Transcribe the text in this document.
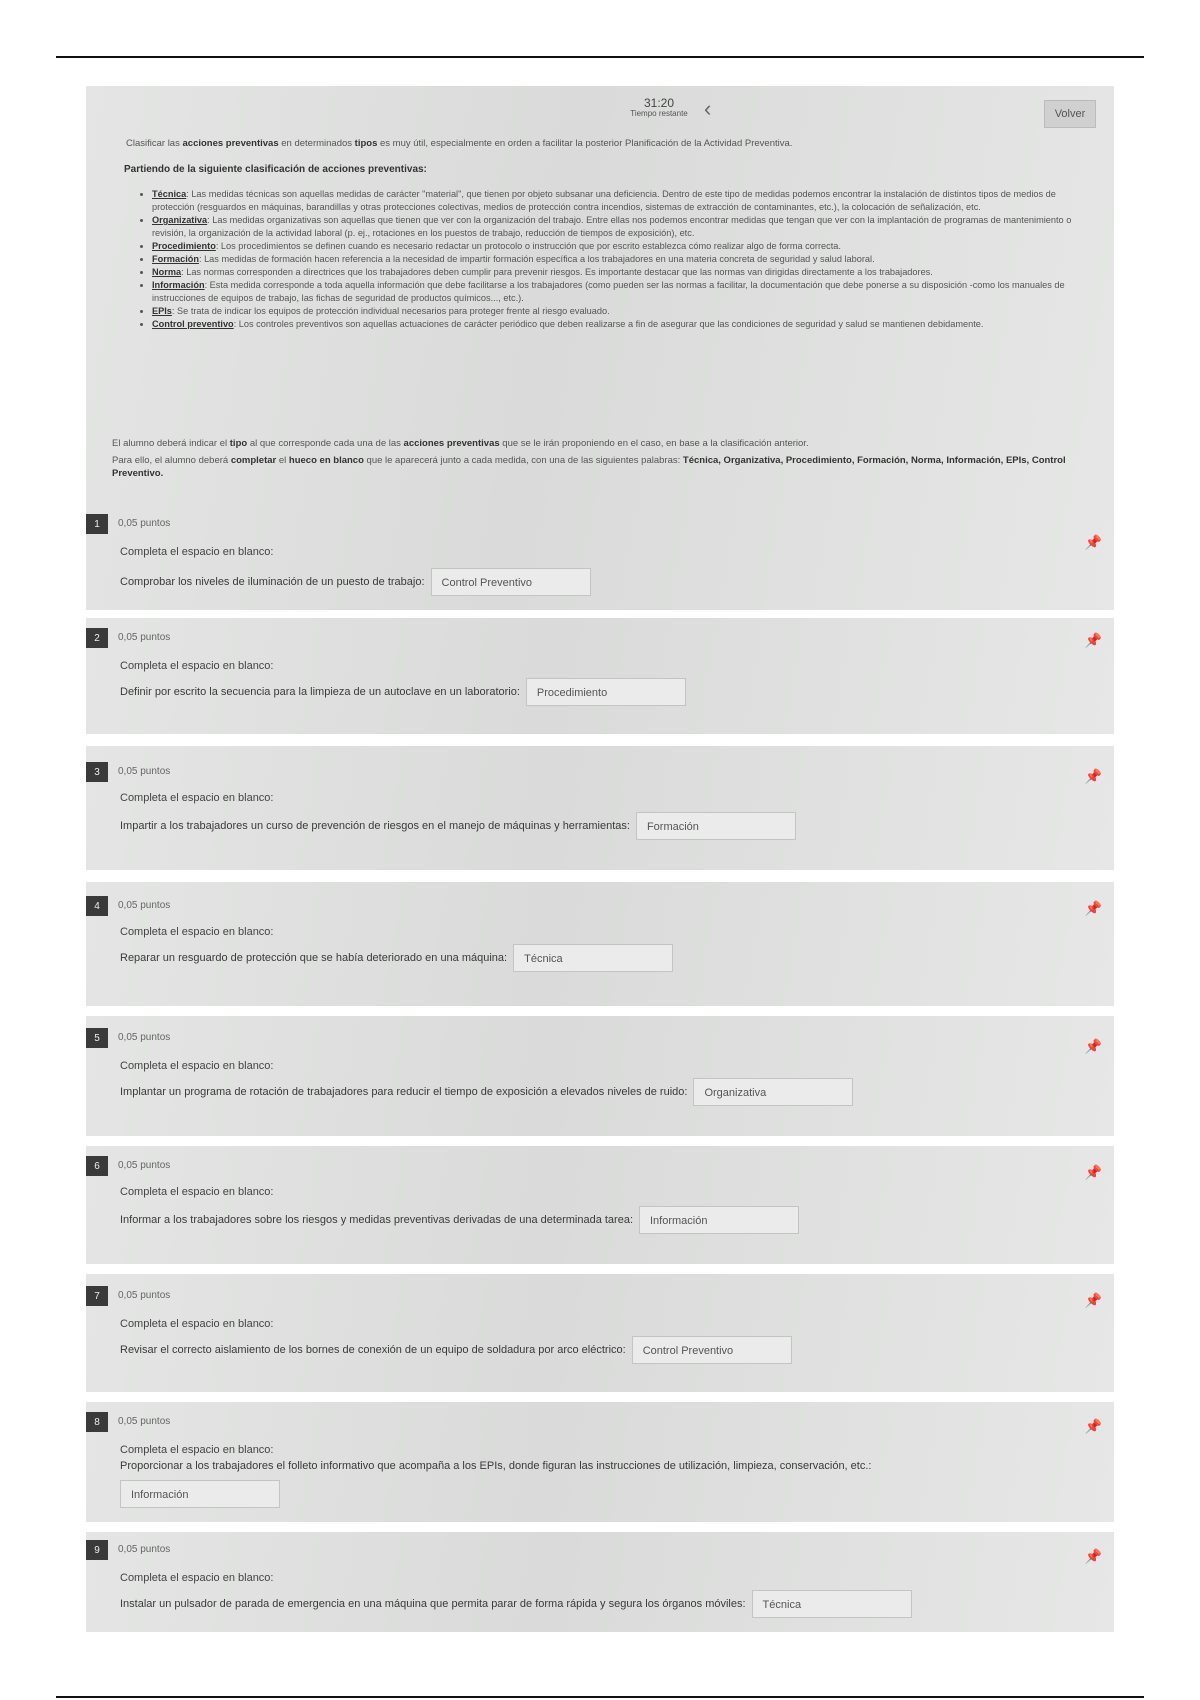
31:20
Tiempo restante ‹	Volver
Clasificar las acciones preventivas en determinados tipos es muy útil, especialmente en orden a facilitar la posterior Planificación de la Actividad Preventiva.
Partiendo de la siguiente clasificación de acciones preventivas:
• Técnica: Las medidas técnicas son aquellas medidas de carácter "material", que tienen por objeto subsanar una deficiencia. Dentro de este tipo de medidas podemos encontrar la instalación de distintos tipos de medios de protección (resguardos en máquinas, barandillas y otras protecciones colectivas, medios de protección contra incendios, sistemas de extracción de contaminantes, etc.), la colocación de señalización, etc.
• Organizativa: Las medidas organizativas son aquellas que tienen que ver con la organización del trabajo. Entre ellas nos podemos encontrar medidas que tengan que ver con la implantación de programas de mantenimiento o revisión, la organización de la actividad laboral (p. ej., rotaciones en los puestos de trabajo, reducción de tiempos de exposición), etc.
• Procedimiento: Los procedimientos se definen cuando es necesario redactar un protocolo o instrucción que por escrito establezca cómo realizar algo de forma correcta.
• Formación: Las medidas de formación hacen referencia a la necesidad de impartir formación específica a los trabajadores en una materia concreta de seguridad y salud laboral.
• Norma: Las normas corresponden a directrices que los trabajadores deben cumplir para prevenir riesgos. Es importante destacar que las normas van dirigidas directamente a los trabajadores.
• Información: Esta medida corresponde a toda aquella información que debe facilitarse a los trabajadores (como pueden ser las normas a facilitar, la documentación que debe ponerse a su disposición -como los manuales de instrucciones de equipos de trabajo, las fichas de seguridad de productos químicos..., etc.).
• EPIs: Se trata de indicar los equipos de protección individual necesarios para proteger frente al riesgo evaluado.
• Control preventivo: Los controles preventivos son aquellas actuaciones de carácter periódico que deben realizarse a fin de asegurar que las condiciones de seguridad y salud se mantienen debidamente.
El alumno deberá indicar el tipo al que corresponde cada una de las acciones preventivas que se le irán proponiendo en el caso, en base a la clasificación anterior.
Para ello, el alumno deberá completar el hueco en blanco que le aparecerá junto a cada medida, con una de las siguientes palabras: Técnica, Organizativa, Procedimiento, Formación, Norma, Información, EPIs, Control Preventivo.
1	0,05 puntos
📌
Completa el espacio en blanco:
Comprobar los niveles de iluminación de un puesto de trabajo:	Control Preventivo
2	0,05 puntos	📌
Completa el espacio en blanco:
Definir por escrito la secuencia para la limpieza de un autoclave en un laboratorio:	Procedimiento
3	0,05 puntos	📌
Completa el espacio en blanco:
Impartir a los trabajadores un curso de prevención de riesgos en el manejo de máquinas y herramientas:	Formación
4	0,05 puntos	📌
Completa el espacio en blanco:
Reparar un resguardo de protección que se había deteriorado en una máquina:	Técnica
5	0,05 puntos
📌
Completa el espacio en blanco:
Implantar un programa de rotación de trabajadores para reducir el tiempo de exposición a elevados niveles de ruido:	Organizativa
6	0,05 puntos	📌
Completa el espacio en blanco:
Informar a los trabajadores sobre los riesgos y medidas preventivas derivadas de una determinada tarea:	Información
7	0,05 puntos	📌
Completa el espacio en blanco:
Revisar el correcto aislamiento de los bornes de conexión de un equipo de soldadura por arco eléctrico:	Control Preventivo
8	0,05 puntos	📌
Completa el espacio en blanco:
Proporcionar a los trabajadores el folleto informativo que acompaña a los EPIs, donde figuran las instrucciones de utilización, limpieza, conservación, etc.:
Información
9	0,05 puntos	📌
Completa el espacio en blanco:
Instalar un pulsador de parada de emergencia en una máquina que permita parar de forma rápida y segura los órganos móviles:	Técnica
